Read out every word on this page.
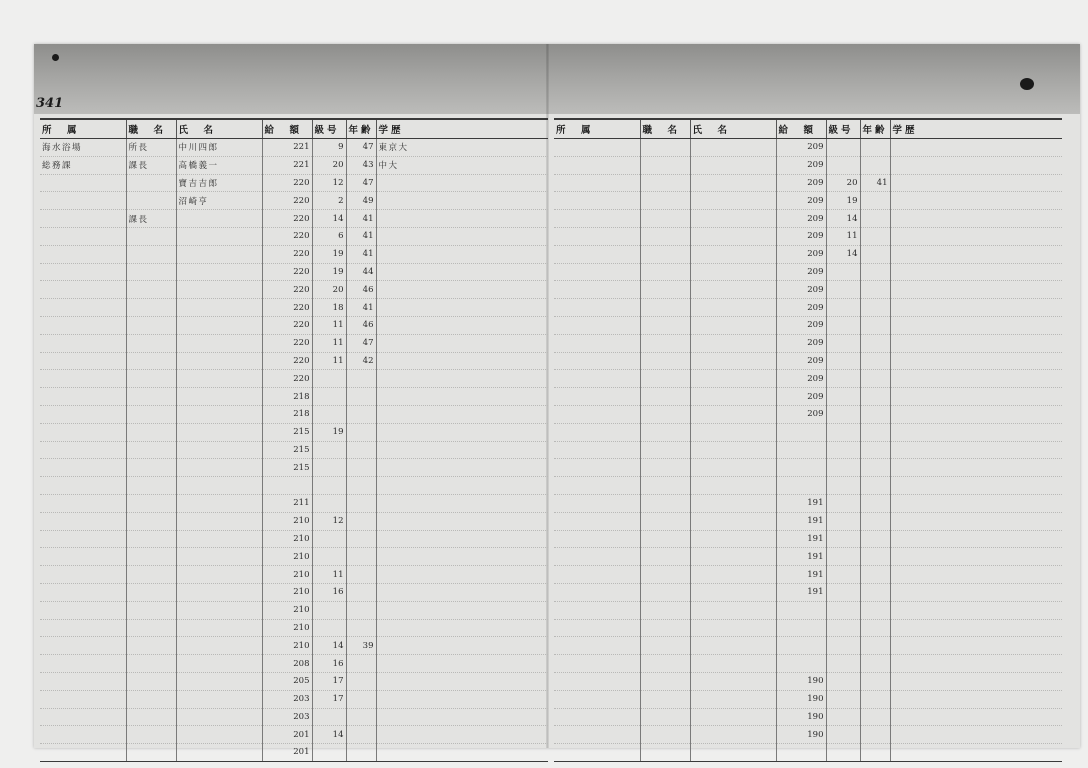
341
所　属	職　名	氏　名	給　額	級号	年齢	学歴
海水浴場	所長	中川四郎	221	9	47	東京大
総務課	課長	高橋義一	221	20	43	中大
		寶吉吉郎	220	12	47	
		沼崎亨	220	2	49	
	課長		220	14	41	
			220	6	41	
			220	19	41	
			220	19	44	
			220	20	46	
			220	18	41	
			220	11	46	
			220	11	47	
			220	11	42	
			220			
			218			
			218			
			215	19		
			215			
			215			

			211			
			210	12		
			210			
			210			
			210	11		
			210	16		
			210			
			210			
			210	14	39	
			208	16		
			205	17		
			203	17		
			203			
			201	14		
			201			
所　属	職　名	氏　名	給　額	級号	年齢	学歴
			209			
			209			
			209	20	41	
			209	19		
			209	14		
			209	11		
			209	14		
			209			
			209			
			209			
			209			
			209			
			209			
			209			
			209			
			209			

			191			
			191			
			191			
			191			
			191			
			191			

			190			
			190			
			190			
			190			
